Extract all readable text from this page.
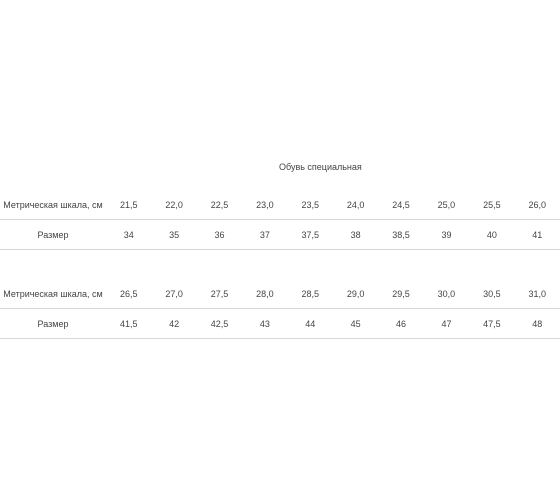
Обувь специальная
Метрическая шкала, см	21,5	22,0	22,5	23,0	23,5	24,0	24,5	25,0	25,5	26,0
Размер	34	35	36	37	37,5	38	38,5	39	40	41
Метрическая шкала, см	26,5	27,0	27,5	28,0	28,5	29,0	29,5	30,0	30,5	31,0
Размер	41,5	42	42,5	43	44	45	46	47	47,5	48
